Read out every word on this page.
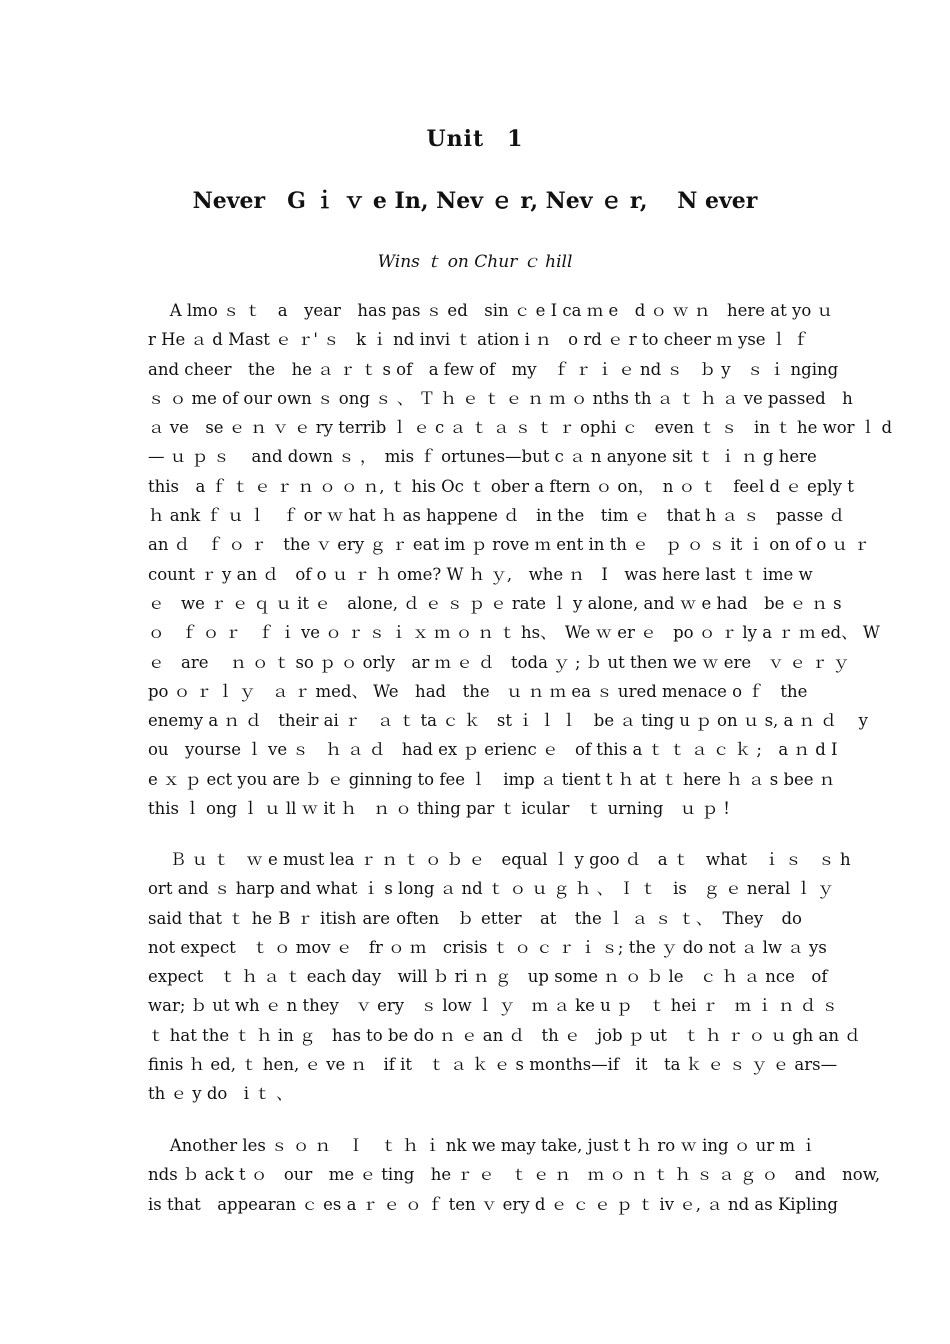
Unit　1
Never　G ｉ ｖ e In, Nev ｅ r, Nev ｅ r,　 N ever
Wins ｔ on Chur ｃ hill
　 A lmo ｓ ｔ　a　year　has pas ｓ ed　sin ｃ e I ca ｍ e　d ｏ ｗ ｎ　here at yo ｕ
r He ａ d Mast ｅ ｒ' ｓ　k ｉ nd invi ｔ ation i ｎ　o rd ｅ r to cheer ｍ yse ｌ ｆ
and cheer　the　he ａ ｒ ｔ s of　a few of　my　ｆ ｒ ｉ ｅ nd ｓ　ｂ y　ｓ ｉ nging
ｓ ｏ me of our own ｓ ong ｓ 、 Ｔ ｈ ｅ ｔ ｅ ｎ ｍ ｏ nths th ａ ｔ ｈ ａ ve passed　h
ａ ve　se ｅ ｎ ｖ ｅ ry terrib ｌ ｅ c ａ ｔ ａ ｓ ｔ ｒ ophi ｃ　even ｔ ｓ　in ｔ he wor ｌ d
— ｕ ｐ ｓ　 and down ｓ ，　mis ｆ ortunes—but c ａ n anyone sit ｔ ｉ ｎ g here
this　a ｆ ｔ ｅ ｒ ｎ ｏ ｏ ｎ, ｔ his Oc ｔ ober a ftern ｏ on，　n ｏ ｔ　feel d ｅ eply t
ｈ ank ｆ ｕ ｌ　ｆ or ｗ hat ｈ as happene ｄ　in the　tim ｅ　that h ａ ｓ　passe ｄ
an ｄ　ｆ ｏ ｒ　the ｖ ery ｇ ｒ eat im ｐ rove ｍ ent in th ｅ　ｐ ｏ ｓ it ｉ on of o ｕ ｒ
count ｒ y an ｄ　of o ｕ ｒ ｈ ome? W ｈ ｙ,　whe ｎ　I　was here last ｔ ime w
ｅ　we ｒ ｅ ｑ ｕ it ｅ　alone, ｄ ｅ ｓ ｐ ｅ rate ｌ y alone, and ｗ e had　be ｅ ｎ s
ｏ　ｆ ｏ ｒ　ｆ ｉ ve ｏ ｒ ｓ ｉ ｘ ｍ ｏ ｎ ｔ hs、　We ｗ er ｅ　po ｏ ｒ ly a ｒ ｍ ed、 W
ｅ　are　 ｎ ｏ ｔ so ｐ ｏ orly　ar ｍ ｅ ｄ　toda ｙ ; ｂ ut then we ｗ ere　ｖ ｅ ｒ ｙ
po ｏ ｒ ｌ ｙ　ａ ｒ med、 We　had　the　ｕ ｎ ｍ ea ｓ ured menace o ｆ　the
enemy a ｎ ｄ　their ai ｒ　ａ ｔ ta ｃ ｋ　st ｉ ｌ ｌ　be ａ ting u ｐ on ｕ s, a ｎ ｄ　 y
ou　yourse ｌ ve ｓ　ｈ ａ ｄ　had ex ｐ erienc ｅ　of this a ｔ ｔ ａ ｃ ｋ ;　a ｎ d I
e ｘ ｐ ect you are ｂ ｅ ginning to fee ｌ　imp ａ tient t ｈ at ｔ here ｈ ａ s bee ｎ
this ｌ ong ｌ ｕ ll ｗ it ｈ　ｎ ｏ thing par ｔ icular　ｔ urning　ｕ ｐ !
　 Ｂ ｕ ｔ　ｗ e must lea ｒ ｎ ｔ ｏ ｂ ｅ　equal ｌ y goo ｄ　a ｔ　what　ｉ ｓ　ｓ h
ort and ｓ harp and what ｉ s long ａ nd ｔ ｏ ｕ ｇ ｈ 、 Ｉ ｔ　is　ｇ ｅ neral ｌ ｙ
said that ｔ he B ｒ itish are often　ｂ etter　at　the ｌ ａ ｓ ｔ、　They　do
not expect　ｔ ｏ mov ｅ　fr ｏ ｍ　crisis ｔ ｏ ｃ ｒ ｉ ｓ; the ｙ do not ａ lw ａ ys
expect　ｔ ｈ ａ ｔ each day　will ｂ ri ｎ ｇ　up some ｎ ｏ ｂ le　ｃ ｈ ａ nce　of
war; ｂ ut wh ｅ n they　ｖ ery　ｓ low ｌ ｙ　ｍ ａ ke u ｐ　ｔ hei ｒ　ｍ ｉ ｎ ｄ ｓ
ｔ hat the ｔ ｈ in ｇ　has to be do ｎ ｅ an ｄ　th ｅ　job ｐ ut　ｔ ｈ ｒ ｏ ｕ gh an ｄ
finis ｈ ed, ｔ hen, ｅ ve ｎ　if it　ｔ ａ ｋ ｅ s months—if　it　ta ｋ ｅ ｓ ｙ ｅ ars—
th ｅ y do　i ｔ 、
　 Another les ｓ ｏ ｎ　Ｉ　ｔ ｈ ｉ nk we may take, just t ｈ ro ｗ ing ｏ ur m ｉ
nds ｂ ack t ｏ　our　me ｅ ting　he ｒ ｅ　ｔ ｅ ｎ　ｍ ｏ ｎ ｔ ｈ ｓ ａ ｇ ｏ　and　now,
is that　appearan ｃ es a ｒ ｅ ｏ ｆ ten ｖ ery d ｅ ｃ ｅ ｐ ｔ iv ｅ, ａ nd as Kipling
